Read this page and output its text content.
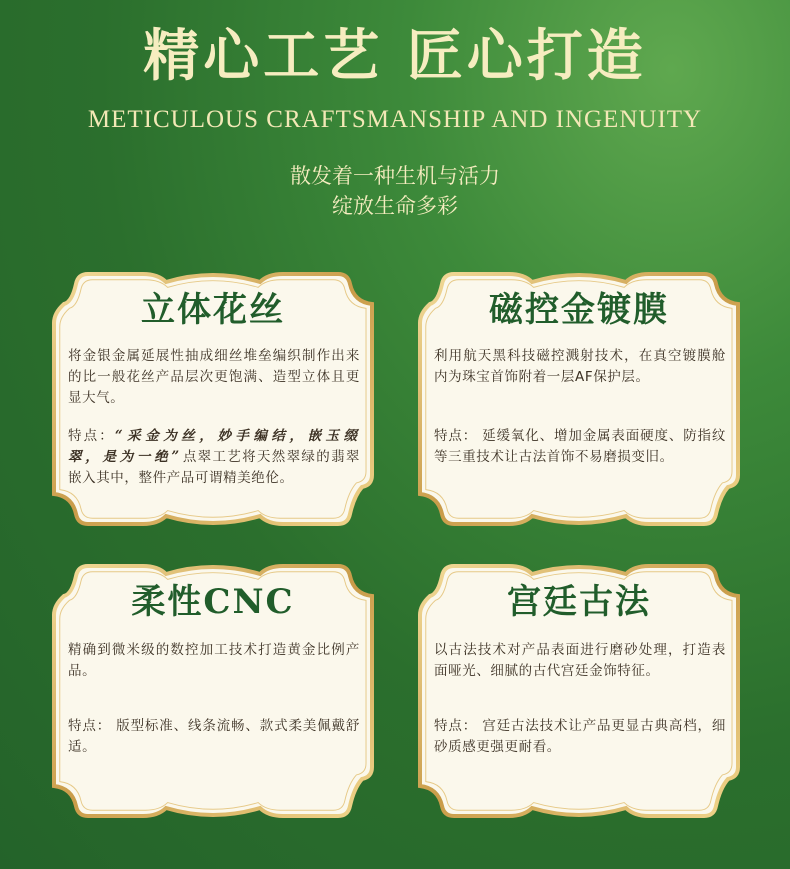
精心工艺 匠心打造
METICULOUS CRAFTSMANSHIP AND INGENUITY
散发着一种生机与活力
绽放生命多彩
立体花丝
将金银金属延展性抽成细丝堆垒编织制作出来的比一般花丝产品层次更饱满、造型立体且更显大气。
特点：“采金为丝，妙手编结，嵌玉缀翠，是为一绝”点翠工艺将天然翠绿的翡翠嵌入其中，整件产品可谓精美绝伦。
磁控金镀膜
利用航天黑科技磁控溅射技术，在真空镀膜舱内为珠宝首饰附着一层AF保护层。
特点： 延缓氧化、增加金属表面硬度、防指纹等三重技术让古法首饰不易磨损变旧。
柔性CNC
精确到微米级的数控加工技术打造黄金比例产品。
特点： 版型标准、线条流畅、款式柔美佩戴舒适。
宫廷古法
以古法技术对产品表面进行磨砂处理，打造表面哑光、细腻的古代宫廷金饰特征。
特点： 宫廷古法技术让产品更显古典高档，细砂质感更强更耐看。
